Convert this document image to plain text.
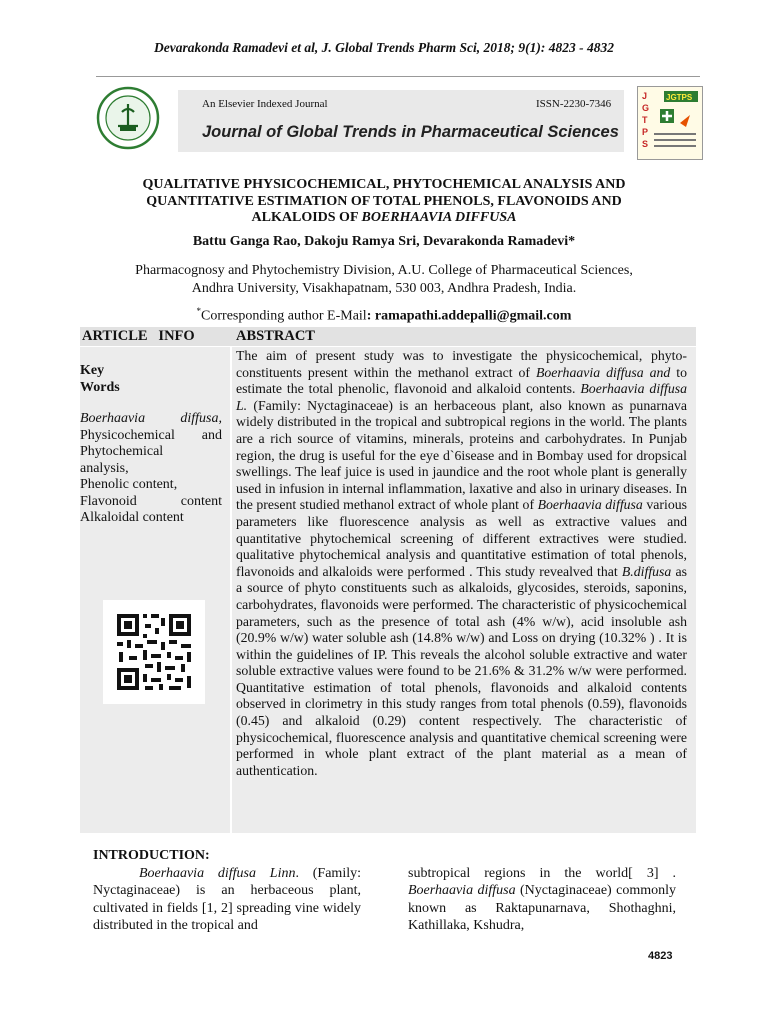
Devarakonda Ramadevi et al, J. Global Trends Pharm Sci, 2018; 9(1): 4823 - 4832
An Elsevier Indexed Journal	ISSN-2230-7346
Journal of Global Trends in Pharmaceutical Sciences
J
G
T
P
S
JGTPS
QUALITATIVE PHYSICOCHEMICAL, PHYTOCHEMICAL ANALYSIS AND
QUANTITATIVE ESTIMATION OF TOTAL PHENOLS, FLAVONOIDS AND
ALKALOIDS OF BOERHAAVIA DIFFUSA
Battu Ganga Rao, Dakoju Ramya Sri, Devarakonda Ramadevi*
Pharmacognosy and Phytochemistry Division, A.U. College of Pharmaceutical Sciences,
Andhra University, Visakhapatnam, 530 003, Andhra Pradesh, India.
*Corresponding author E-Mail: ramapathi.addepalli@gmail.com
ARTICLE   INFO	ABSTRACT
Key
Words
Boerhaavia diffusa,
Physicochemical and
Phytochemical
analysis,
Phenolic content,
Flavonoid content
Alkaloidal content
The aim of present study was to investigate the physicochemical, phyto-constituents present within the methanol extract of Boerhaavia diffusa and to estimate the total phenolic, flavonoid and alkaloid contents. Boerhaavia diffusa L. (Family: Nyctaginaceae) is an herbaceous plant, also known as punarnava widely distributed in the tropical and subtropical regions in the world. The plants are a rich source of vitamins, minerals, proteins and carbohydrates. In Punjab region, the drug is useful for the eye d`6isease and in Bombay used for dropsical swellings. The leaf juice is used in jaundice and the root whole plant is generally used in infusion in internal inflammation, laxative and also in urinary diseases. In the present studied methanol extract of whole plant of Boerhaavia diffusa various parameters like fluorescence analysis as well as extractive values and quantitative phytochemical screening of different extractives were studied. qualitative phytochemical analysis and quantitative estimation of total phenols, flavonoids and alkaloids were performed . This study revealved that B.diffusa as a source of phyto constituents such as alkaloids, glycosides, steroids, saponins, carbohydrates, flavonoids were performed. The characteristic of physicochemical parameters, such as the presence of total ash (4% w/w), acid insoluble ash (20.9% w/w) water soluble ash (14.8% w/w) and Loss on drying (10.32% ) . It is within the guidelines of IP. This reveals the alcohol soluble extractive and water soluble extractive values were found to be 21.6% & 31.2% w/w were performed. Quantitative estimation of total phenols, flavonoids and alkaloid contents observed in clorimetry in this study ranges from total phenols (0.59), flavonoids (0.45) and alkaloid (0.29) content respectively. The characteristic of physicochemical, fluorescence analysis and quantitative chemical screening were performed in whole plant extract of the plant material as a mean of authentication.
INTRODUCTION:
Boerhaavia diffusa Linn. (Family: Nyctaginaceae) is an herbaceous plant, cultivated in fields [1, 2] spreading vine widely distributed in the tropical and
subtropical regions in the world[ 3] . Boerhaavia diffusa (Nyctaginaceae) commonly known as Raktapunarnava, Shothaghni, Kathillaka, Kshudra,
4823
